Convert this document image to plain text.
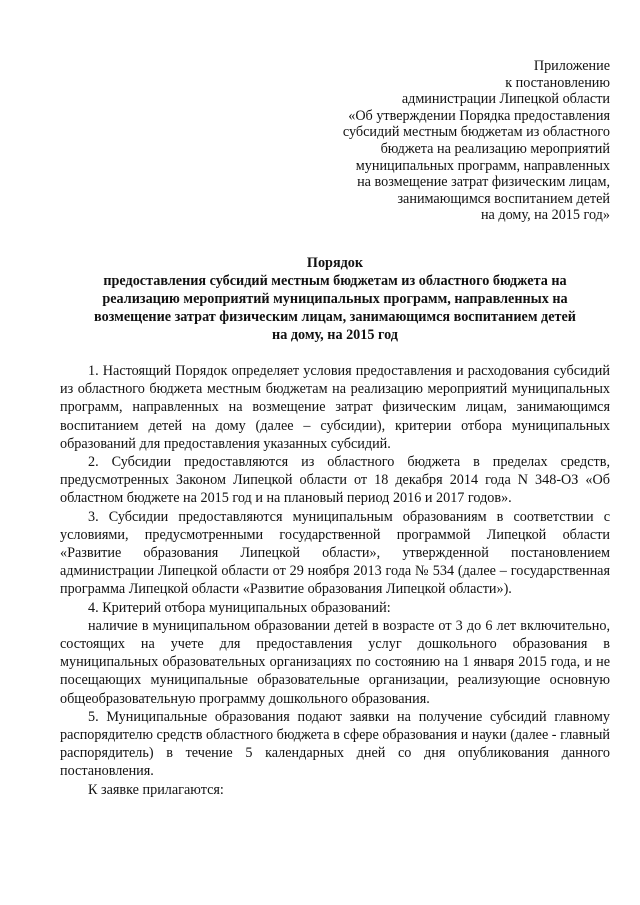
Приложение
к постановлению
администрации Липецкой области
«Об утверждении Порядка предоставления
субсидий местным бюджетам из областного
бюджета на реализацию мероприятий
муниципальных программ, направленных
на возмещение затрат физическим лицам,
занимающимся воспитанием детей
на дому, на 2015 год»
Порядок
предоставления субсидий местным бюджетам из областного бюджета на
реализацию мероприятий муниципальных программ, направленных на
возмещение затрат физическим лицам, занимающимся воспитанием детей
на дому, на 2015 год

1. Настоящий Порядок определяет условия предоставления и расходования субсидий из областного бюджета местным бюджетам на реализацию мероприятий муниципальных программ, направленных на возмещение затрат физическим лицам, занимающимся воспитанием детей на дому (далее – субсидии), критерии отбора муниципальных образований для предоставления указанных субсидий.

2. Субсидии предоставляются из областного бюджета в пределах средств, предусмотренных Законом Липецкой области от 18 декабря 2014 года N 348-ОЗ «Об областном бюджете на 2015 год и на плановый период 2016 и 2017 годов».

3. Субсидии предоставляются муниципальным образованиям в соответствии с условиями, предусмотренными государственной программой Липецкой области «Развитие образования Липецкой области», утвержденной постановлением администрации Липецкой области от 29 ноября 2013 года № 534 (далее – государственная программа Липецкой области «Развитие образования Липецкой области»).

4. Критерий отбора муниципальных образований:

наличие в муниципальном образовании детей в возрасте от 3 до 6 лет включительно, состоящих на учете для предоставления услуг дошкольного образования в муниципальных образовательных организациях по состоянию на 1 января 2015 года, и не посещающих муниципальные образовательные организации, реализующие основную общеобразовательную программу дошкольного образования.

5. Муниципальные образования подают заявки на получение субсидий главному распорядителю средств областного бюджета в сфере образования и науки (далее - главный распорядитель) в течение 5 календарных дней со дня опубликования данного постановления.

К заявке прилагаются:
